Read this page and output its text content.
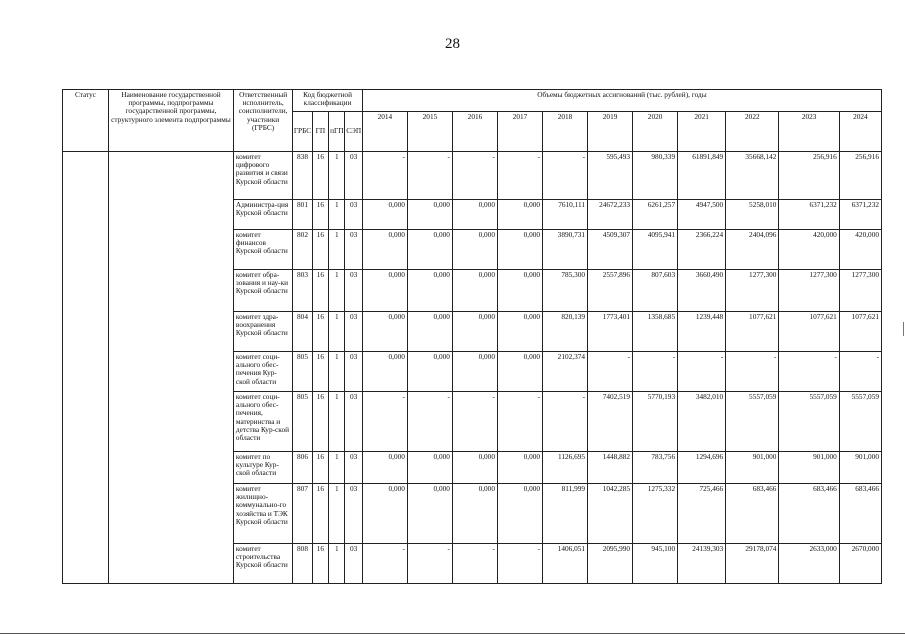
28
Статус	Наименование государственной программы, подпрограммы государственной программы, структурного элемента подпрограммы	Ответственный исполнитель, соисполнители, участники (ГРБС)	Код бюджетной классификации				Объемы бюджетных ассигнований (тыс. рублей), годы										
			ГРБС	ГП	пГП	СЭП	2014	2015	2016	2017	2018	2019	2020	2021	2022	2023	2024
		комитет цифрового развития и связи Курской области	838	16	1	03	-	-	-	-	-	595,493	980,339	61891,849	35668,142	256,916	256,916
		Администра-ция Курской области	801	16	1	03	0,000	0,000	0,000	0,000	7610,111	24672,233	6261,257	4947,500	5258,010	6371,232	6371,232
		комитет финансов Курской области	802	16	1	03	0,000	0,000	0,000	0,000	3890,731	4509,307	4095,941	2366,224	2404,096	420,000	420,000
		комитет обра-зования и нау-ки Курской области	803	16	1	03	0,000	0,000	0,000	0,000	785,300	2557,896	807,603	3660,490	1277,300	1277,300	1277,300
		комитет здра-воохранения Курской области	804	16	1	03	0,000	0,000	0,000	0,000	820,139	1773,401	1358,685	1239,448	1077,621	1077,621	1077,621
		комитет соци-ального обес-печения Кур-ской области	805	16	1	03	0,000	0,000	0,000	0,000	2102,374	-	-	-	-	-	-
		комитет соци-ального обес-печения, материнства и детства Кур-ской области	805	16	1	03	-	-	-	-	-	7402,519	5770,193	3482,010	5557,059	5557,059	5557,059
		комитет по культуре Кур-ской области	806	16	1	03	0,000	0,000	0,000	0,000	1126,695	1448,882	783,756	1294,696	901,000	901,000	901,000
		комитет жилищно-коммунально-го хозяйства и ТЭК Курской области	807	16	1	03	0,000	0,000	0,000	0,000	811,999	1042,285	1275,332	725,466	683,466	683,466	683,466
		комитет строительства Курской области	808	16	1	03	-	-	-	-	1406,051	2095,990	945,100	24139,303	29178,074	2633,000	2670,000
